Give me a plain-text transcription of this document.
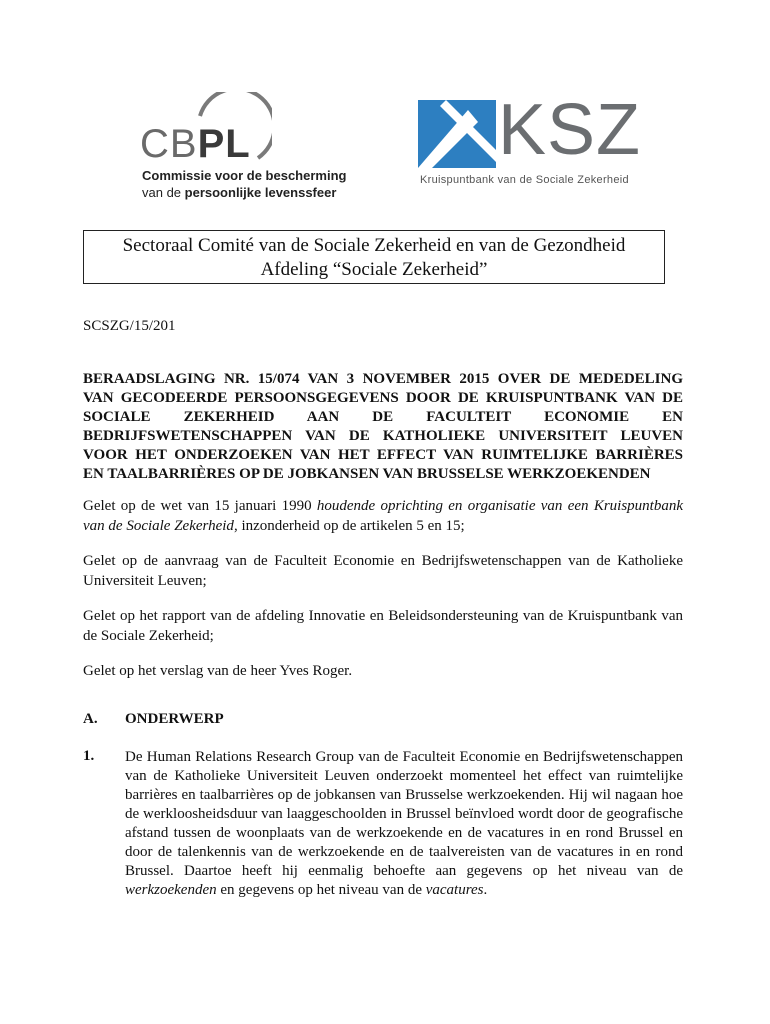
CBPL
Commissie voor de bescherming
van de persoonlijke levenssfeer
KSZ
Kruispuntbank van de Sociale Zekerheid
Sectoraal Comité van de Sociale Zekerheid en van de Gezondheid
Afdeling “Sociale Zekerheid”
SCSZG/15/201
BERAADSLAGING NR. 15/074 VAN 3 NOVEMBER 2015 OVER DE MEDEDELING
VAN GECODEERDE PERSOONSGEGEVENS DOOR DE KRUISPUNTBANK VAN DE
SOCIALE ZEKERHEID AAN DE FACULTEIT ECONOMIE EN
BEDRIJFSWETENSCHAPPEN VAN DE KATHOLIEKE UNIVERSITEIT LEUVEN
VOOR HET ONDERZOEKEN VAN HET EFFECT VAN RUIMTELIJKE BARRIÈRES
EN TAALBARRIÈRES OP DE JOBKANSEN VAN BRUSSELSE WERKZOEKENDEN
Gelet op de wet van 15 januari 1990 houdende oprichting en organisatie van een Kruispuntbank van de Sociale Zekerheid, inzonderheid op de artikelen 5 en 15;
Gelet op de aanvraag van de Faculteit Economie en Bedrijfswetenschappen van de Katholieke Universiteit Leuven;
Gelet op het rapport van de afdeling Innovatie en Beleidsondersteuning van de Kruispuntbank van de Sociale Zekerheid;
Gelet op het verslag van de heer Yves Roger.
A. ONDERWERP
1. De Human Relations Research Group van de Faculteit Economie en Bedrijfswetenschappen van de Katholieke Universiteit Leuven onderzoekt momenteel het effect van ruimtelijke barrières en taalbarrières op de jobkansen van Brusselse werkzoekenden. Hij wil nagaan hoe de werkloosheidsduur van laaggeschoolden in Brussel beïnvloed wordt door de geografische afstand tussen de woonplaats van de werkzoekende en de vacatures in en rond Brussel en door de talenkennis van de werkzoekende en de taalvereisten van de vacatures in en rond Brussel. Daartoe heeft hij eenmalig behoefte aan gegevens op het niveau van de werkzoekenden en gegevens op het niveau van de vacatures.
